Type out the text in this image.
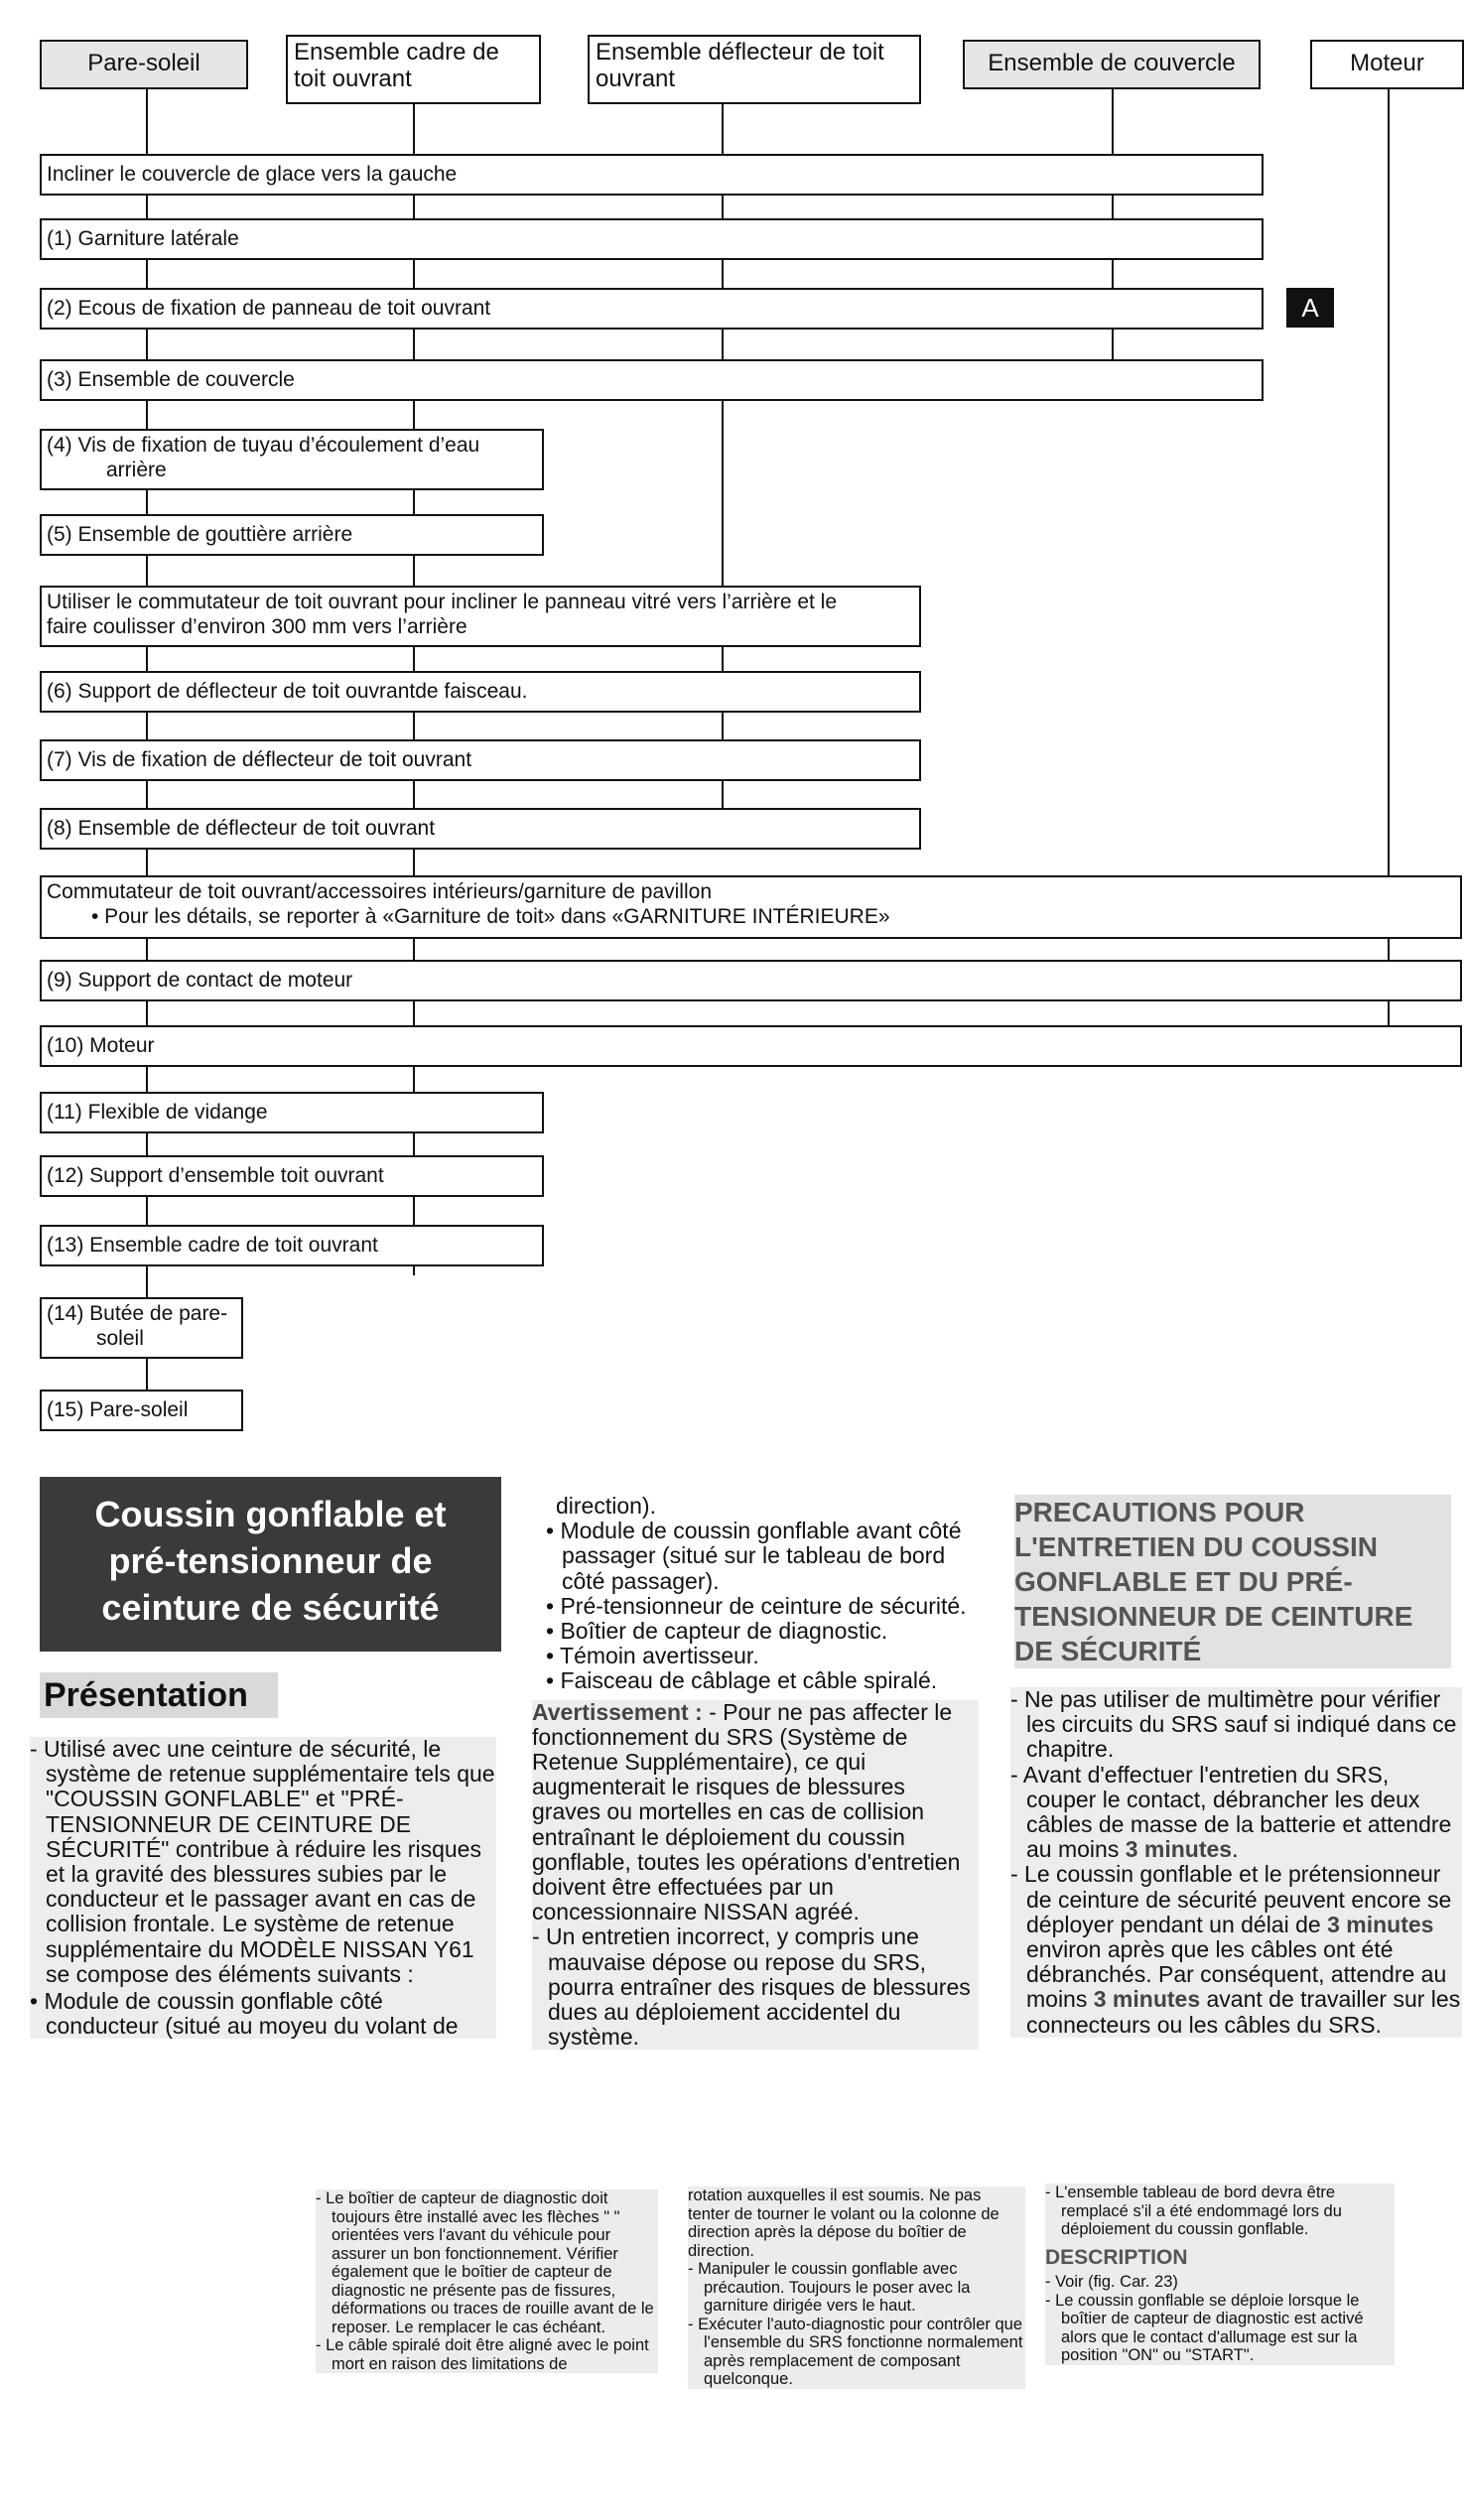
Pare-soleil	Ensemble cadre de toit ouvrant
Ensemble déflecteur de toit ouvrant
Ensemble de couvercle	Moteur
Incliner le couvercle de glace vers la gauche
(1) Garniture latérale
(2) Ecous de fixation de panneau de toit ouvrant	A
(3) Ensemble de couvercle
(4) Vis de fixation de tuyau d’écoulement d’eau
arrière
(5) Ensemble de gouttière arrière
Utiliser le commutateur de toit ouvrant pour incliner le panneau vitré vers l’arrière et le
faire coulisser d’environ 300 mm vers l’arrière
(6) Support de déflecteur de toit ouvrantde faisceau.
(7) Vis de fixation de déflecteur de toit ouvrant
(8) Ensemble de déflecteur de toit ouvrant
Commutateur de toit ouvrant/accessoires intérieurs/garniture de pavillon
• Pour les détails, se reporter à «Garniture de toit» dans «GARNITURE INTÉRIEURE»
(9) Support de contact de moteur
(10) Moteur
(11) Flexible de vidange
(12) Support d’ensemble toit ouvrant
(13) Ensemble cadre de toit ouvrant
(14) Butée de pare-
soleil
(15) Pare-soleil
Coussin gonflable et
pré-tensionneur de
ceinture de sécurité
Présentation

- Utilisé avec une ceinture de sécurité, le système de retenue supplémentaire tels que "COUSSIN GONFLABLE" et "PRÉ-TENSIONNEUR DE CEINTURE DE SÉCURITÉ" contribue à réduire les risques et la gravité des blessures subies par le conducteur et le passager avant en cas de collision frontale. Le système de retenue supplémentaire du MODÈLE NISSAN Y61 se compose des éléments suivants :

• Module de coussin gonflable côté conducteur (situé au moyeu du volant de

direction).

• Module de coussin gonflable avant côté passager (situé sur le tableau de bord côté passager).

• Pré-tensionneur de ceinture de sécurité.

• Boîtier de capteur de diagnostic.

• Témoin avertisseur.

• Faisceau de câblage et câble spiralé.

Avertissement : - Pour ne pas affecter le fonctionnement du SRS (Système de Retenue Supplémentaire), ce qui augmenterait le risques de blessures graves ou mortelles en cas de collision entraînant le déploiement du coussin gonflable, toutes les opérations d'entretien doivent être effectuées par un concessionnaire NISSAN agréé.

- Un entretien incorrect, y compris une mauvaise dépose ou repose du SRS, pourra entraîner des risques de blessures dues au déploiement accidentel du système.

PRECAUTIONS POUR L'ENTRETIEN DU COUSSIN GONFLABLE ET DU PRÉ-TENSIONNEUR DE CEINTURE DE SÉCURITÉ

- Ne pas utiliser de multimètre pour vérifier les circuits du SRS sauf si indiqué dans ce chapitre.

- Avant d'effectuer l'entretien du SRS, couper le contact, débrancher les deux câbles de masse de la batterie et attendre au moins 3 minutes.

- Le coussin gonflable et le prétensionneur de ceinture de sécurité peuvent encore se déployer pendant un délai de 3 minutes environ après que les câbles ont été débranchés. Par conséquent, attendre au moins 3 minutes avant de travailler sur les connecteurs ou les câbles du SRS.

- Le boîtier de capteur de diagnostic doit toujours être installé avec les flèches " " orientées vers l'avant du véhicule pour assurer un bon fonctionnement. Vérifier également que le boîtier de capteur de diagnostic ne présente pas de fissures, déformations ou traces de rouille avant de le reposer. Le remplacer le cas échéant.

- Le câble spiralé doit être aligné avec le point mort en raison des limitations de

rotation auxquelles il est soumis. Ne pas tenter de tourner le volant ou la colonne de direction après la dépose du boîtier de direction.

- Manipuler le coussin gonflable avec précaution. Toujours le poser avec la garniture dirigée vers le haut.

- Exécuter l'auto-diagnostic pour contrôler que l'ensemble du SRS fonctionne normalement après remplacement de composant quelconque.

- L'ensemble tableau de bord devra être remplacé s'il a été endommagé lors du déploiement du coussin gonflable.

DESCRIPTION

- Voir (fig. Car. 23)

- Le coussin gonflable se déploie lorsque le boîtier de capteur de diagnostic est activé alors que le contact d'allumage est sur la position "ON" ou "START".
